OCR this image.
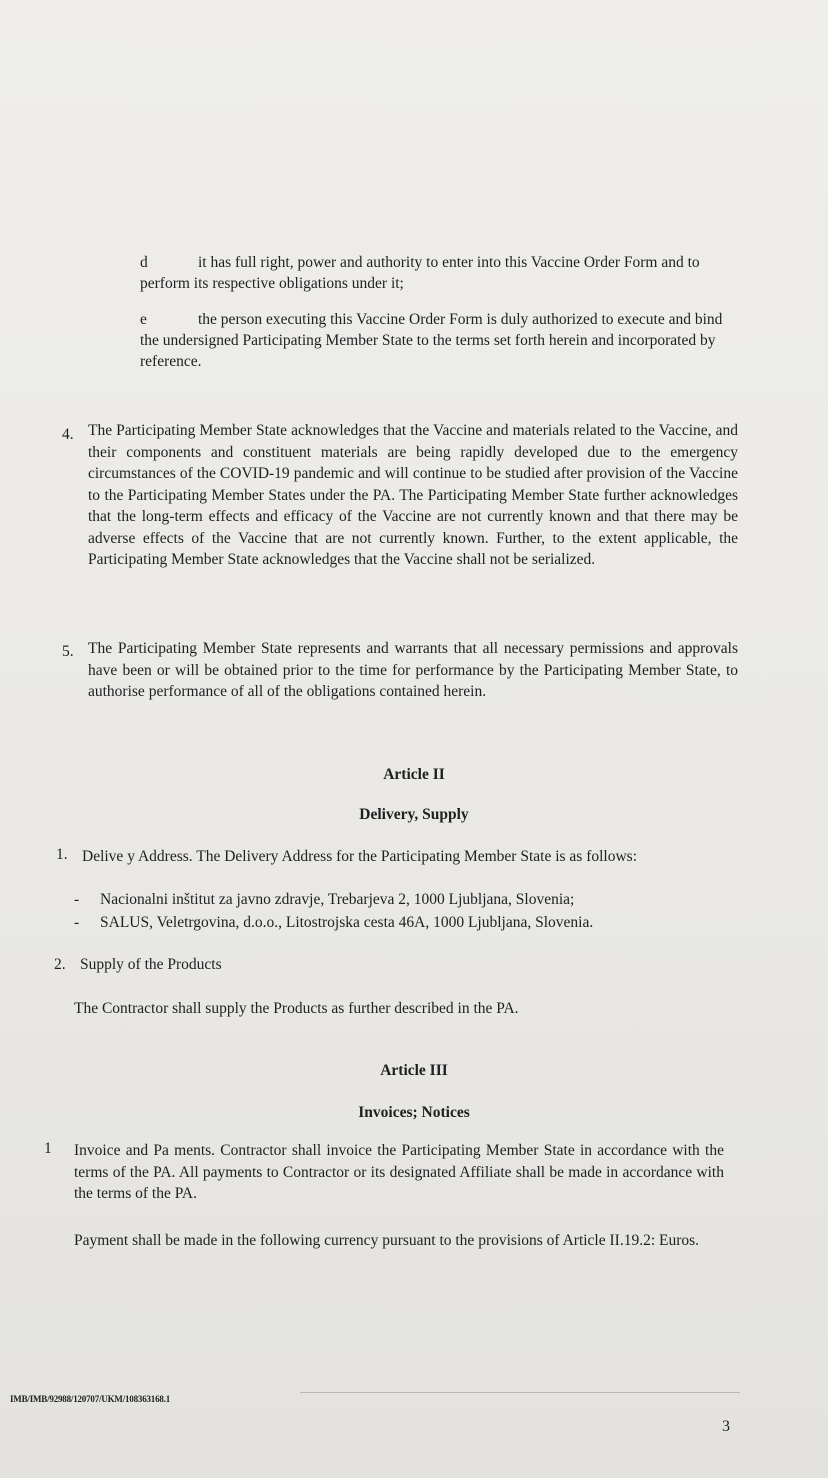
d	it has full right, power and authority to enter into this Vaccine Order Form and to perform its respective obligations under it;
e	the person executing this Vaccine Order Form is duly authorized to execute and bind the undersigned Participating Member State to the terms set forth herein and incorporated by reference.
4. The Participating Member State acknowledges that the Vaccine and materials related to the Vaccine, and their components and constituent materials are being rapidly developed due to the emergency circumstances of the COVID-19 pandemic and will continue to be studied after provision of the Vaccine to the Participating Member States under the PA. The Participating Member State further acknowledges that the long-term effects and efficacy of the Vaccine are not currently known and that there may be adverse effects of the Vaccine that are not currently known. Further, to the extent applicable, the Participating Member State acknowledges that the Vaccine shall not be serialized.
5. The Participating Member State represents and warrants that all necessary permissions and approvals have been or will be obtained prior to the time for performance by the Participating Member State, to authorise performance of all of the obligations contained herein.
Article II
Delivery, Supply
1. Delive y Address. The Delivery Address for the Participating Member State is as follows:
- Nacionalni inštitut za javno zdravje, Trebarjeva 2, 1000 Ljubljana, Slovenia;
- SALUS, Veletrgovina, d.o.o., Litostrojska cesta 46A, 1000 Ljubljana, Slovenia.
2. Supply of the Products
The Contractor shall supply the Products as further described in the PA.
Article III
Invoices; Notices
1 Invoice and Pa ments. Contractor shall invoice the Participating Member State in accordance with the terms of the PA. All payments to Contractor or its designated Affiliate shall be made in accordance with the terms of the PA.
Payment shall be made in the following currency pursuant to the provisions of Article II.19.2: Euros.
IMB/IMB/92988/120707/UKM/108363168.1
3
